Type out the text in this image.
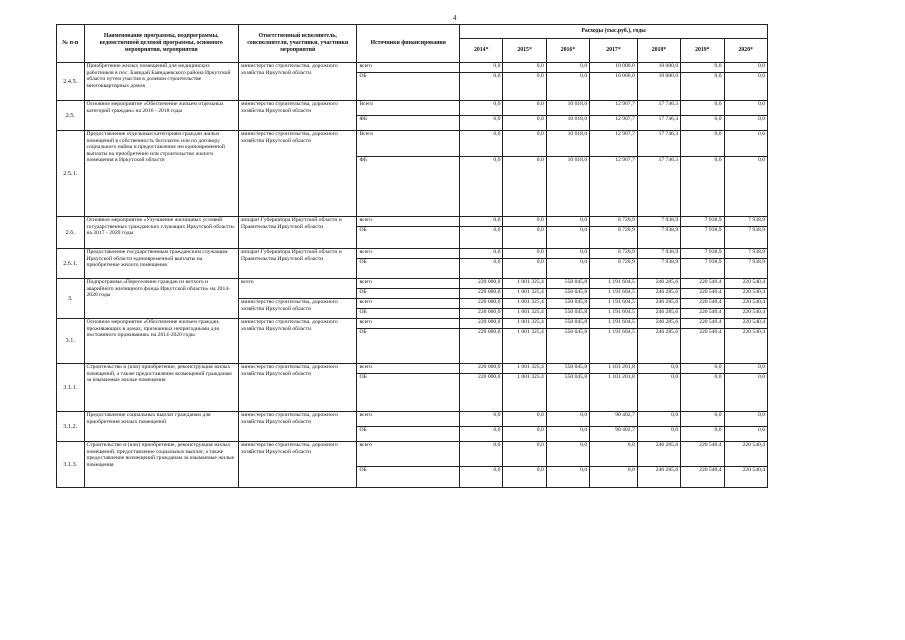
4
№ п-п	Наименование программы, подпрограммы, ведомственной целевой программы, основного мероприятия, мероприятия	Ответственный исполнитель, соисполнители, участники, участники мероприятий	Источники финансирования	Расходы (тыс.руб.), годы						
				2014*	2015*	2016*	2017*	2018*	2019*	2020*
2.4.5.	Приобретение жилых помещений для медицинских работников в пос. Баяндай Баяндаевского района Иркутской области путем участия в долевом строительстве многоквартирных домов	министерство строительства, дорожного хозяйства Иркутской области	всего	0,0	0,0	0,0	10 000,0	10 000,0	0,0	0,0
			ОБ	0,0	0,0	0,0	10 000,0	10 000,0	0,0	0,0
2.5.	Основное мероприятие «Обеспечение жильем отдельных категорий граждан» на 2016 - 2018 годы	министерство строительства, дорожного хозяйства Иркутской области	Всего	0,0	0,0	10 018,0	12 907,7	17 746,3	0,0	0,0
			ФБ	0,0	0,0	10 018,0	12 907,7	17 746,3	0,0	0,0
2.5.1.	Предоставление отдельным категориям граждан жилых помещений в собственность бесплатно или по договору социального найма и предоставление им единовременной выплаты на приобретение или строительство жилого помещения в Иркутской области	министерство строительства, дорожного хозяйства Иркутской области	Всего	0,0	0,0	10 018,0	12 907,7	17 746,3	0,0	0,0
			ФБ	0,0	0,0	10 018,0	12 907,7	17 746,3	0,0	0,0
2.6.	Основное мероприятие «Улучшение жилищных условий государственных гражданских служащих Иркутской области» на 2017 - 2020 годы	аппарат Губернатора Иркутской области и Правительства Иркутской области	всего	0,0	0,0	0,0	8 720,9	7 938,9	7 938,9	7 938,9
			ОБ	0,0	0,0	0,0	8 720,9	7 938,9	7 938,9	7 938,9
2.6.1.	Предоставление государственным гражданским служащим Иркутской области единовременной выплаты на приобретение жилого помещения	аппарат Губернатора Иркутской области и Правительства Иркутской области	всего	0,0	0,0	0,0	8 720,9	7 938,9	7 938,9	7 938,9
			ОБ	0,0	0,0	0,0	8 720,9	7 938,9	7 938,9	7 938,9
3.	Подпрограмма «Переселение граждан из ветхого и аварийного жилищного фонда Иркутской области» на 2014-2020 годы	всего	всего	220 000,0	1 001 325,4	550 045,8	1 191 604,5	246 285,6	220 540,4	220 540,4
			ОБ	220 000,0	1 001 325,4	550 045,8	1 191 604,5	246 285,6	220 540,4	220 540,4
		министерство строительства, дорожного хозяйства Иркутской области	всего	220 000,0	1 001 325,4	550 045,8	1 191 604,5	246 285,6	220 540,4	220 540,4
			ОБ	220 000,0	1 001 325,4	550 045,8	1 191 604,5	246 285,6	220 540,4	220 540,4
3.1.	Основное мероприятие «Обеспечение жильем граждан, проживающих в домах, признанных непригодными для постоянного проживания» на 2014-2020 годы	министерство строительства, дорожного хозяйства Иркутской области	всего	220 000,0	1 001 325,4	550 045,8	1 191 604,5	246 285,6	220 540,4	220 540,4
			ОБ	220 000,0	1 001 325,4	550 045,8	1 191 604,5	246 285,6	220 540,4	220 540,4
3.1.1.	Строительство и (или) приобретение, реконструкция жилых помещений, а также предоставление возмещений гражданам за изымаемые жилые помещения	министерство строительства, дорожного хозяйства Иркутской области	всего	220 000,0	1 001 325,4	550 045,8	1 101 201,8	0,0	0,0	0,0
			ОБ	220 000,0	1 001 325,4	550 045,8	1 101 201,8	0,0	0,0	0,0
3.1.2.	Предоставление социальных выплат гражданам для приобретения жилых помещений	министерство строительства, дорожного хозяйства Иркутской области	всего	0,0	0,0	0,0	90 402,7	0,0	0,0	0,0
			ОБ	0,0	0,0	0,0	90 402,7	0,0	0,0	0,0
3.1.3.	Строительство и (или) приобретение, реконструкция жилых помещений, предоставление социальных выплат, а также предоставление возмещений гражданам за изымаемые жилые помещения	министерство строительства, дорожного хозяйства Иркутской области	всего	0,0	0,0	0,0	0,0	246 285,6	220 540,4	220 540,4
			ОБ	0,0	0,0	0,0	0,0	246 285,6	220 540,4	220 540,4
